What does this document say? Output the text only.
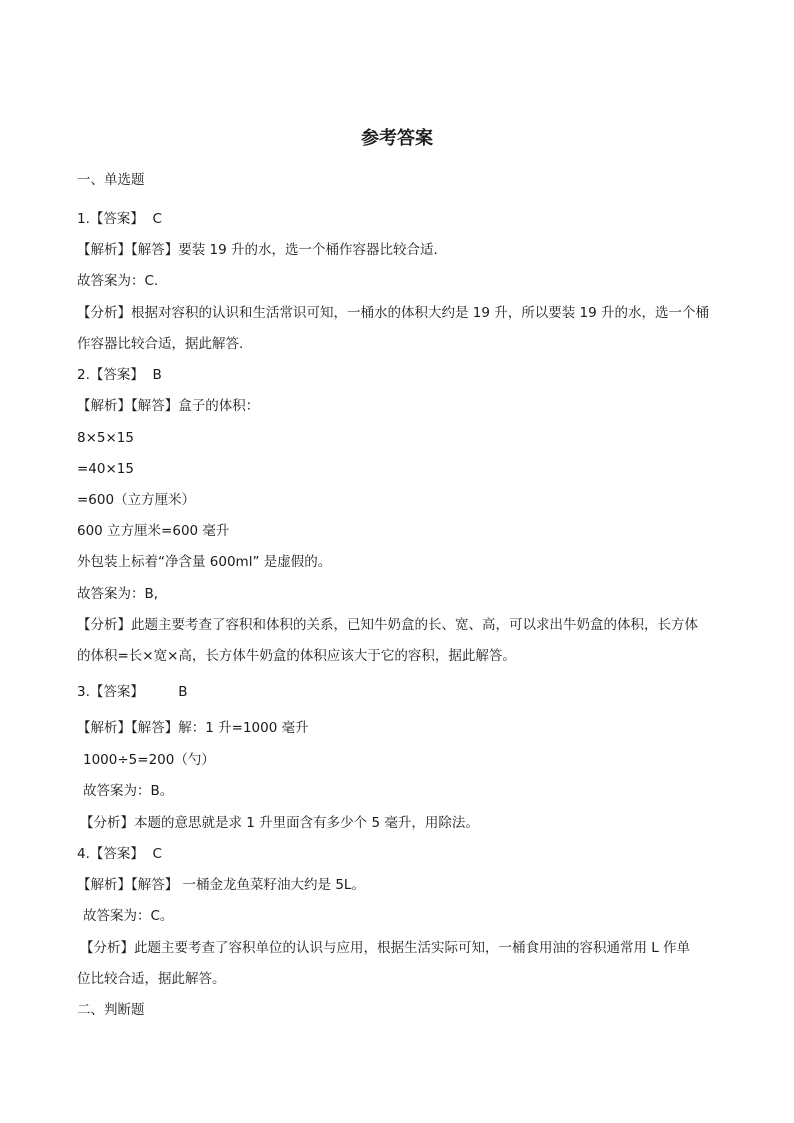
参考答案
一、单选题
1.【答案】  C
【解析】【解答】要装 19 升的水，选一个桶作容器比较合适.
故答案为：C.
【分析】根据对容积的认识和生活常识可知，一桶水的体积大约是 19 升，所以要装 19 升的水，选一个桶
作容器比较合适，据此解答.
2.【答案】  B
【解析】【解答】盒子的体积：
8×5×15
=40×15
=600（立方厘米）
600 立方厘米=600 毫升
外包装上标着“净含量 600ml” 是虚假的。
故答案为：B,
【分析】此题主要考查了容积和体积的关系，已知牛奶盒的长、宽、高，可以求出牛奶盒的体积，长方体
的体积=长×宽×高，长方体牛奶盒的体积应该大于它的容积，据此解答。
3.【答案】        B
【解析】【解答】解：1 升=1000 毫升
1000÷5=200（勺）
故答案为：B。
【分析】本题的意思就是求 1 升里面含有多少个 5 毫升，用除法。
4.【答案】  C
【解析】【解答】 一桶金龙鱼菜籽油大约是 5L。
故答案为：C。
【分析】此题主要考查了容积单位的认识与应用，根据生活实际可知，一桶食用油的容积通常用 L 作单
位比较合适，据此解答。
二、判断题
